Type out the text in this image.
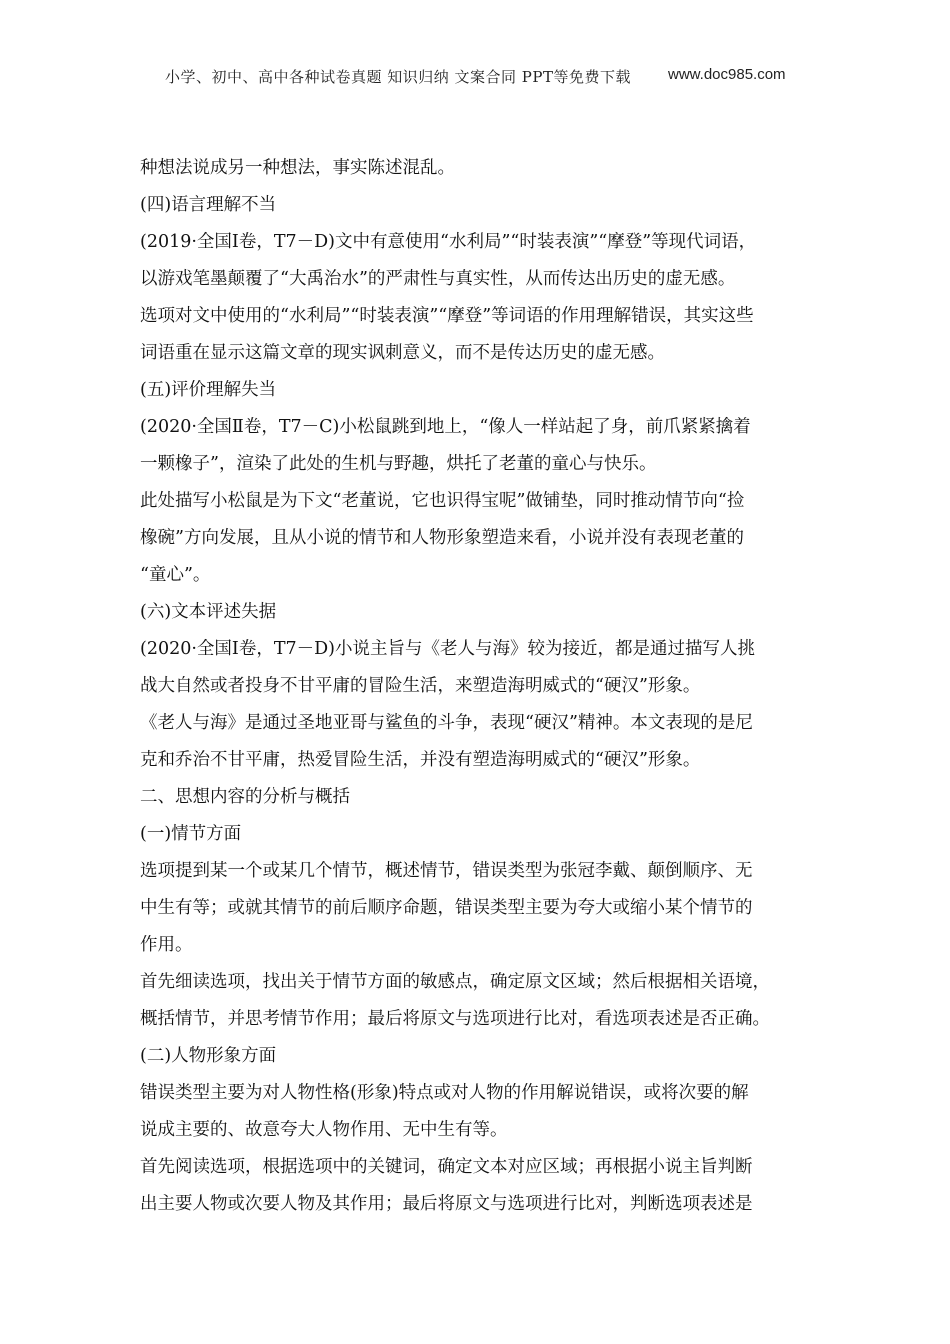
小学、初中、高中各种试卷真题 知识归纳 文案合同 PPT等免费下载 www.doc985.com
种想法说成另一种想法，事实陈述混乱。
(四)语言理解不当
(2019·全国Ⅰ卷，T7－D)文中有意使用“水利局”“时装表演”“摩登”等现代词语，
以游戏笔墨颠覆了“大禹治水”的严肃性与真实性，从而传达出历史的虚无感。
选项对文中使用的“水利局”“时装表演”“摩登”等词语的作用理解错误，其实这些
词语重在显示这篇文章的现实讽刺意义，而不是传达历史的虚无感。
(五)评价理解失当
(2020·全国Ⅱ卷，T7－C)小松鼠跳到地上，“像人一样站起了身，前爪紧紧擒着
一颗橡子”，渲染了此处的生机与野趣，烘托了老董的童心与快乐。
此处描写小松鼠是为下文“老董说，它也识得宝呢”做铺垫，同时推动情节向“捡
橡碗”方向发展，且从小说的情节和人物形象塑造来看，小说并没有表现老董的
“童心”。
(六)文本评述失据
(2020·全国Ⅰ卷，T7－D)小说主旨与《老人与海》较为接近，都是通过描写人挑
战大自然或者投身不甘平庸的冒险生活，来塑造海明威式的“硬汉”形象。
《老人与海》是通过圣地亚哥与鲨鱼的斗争，表现“硬汉”精神。本文表现的是尼
克和乔治不甘平庸，热爱冒险生活，并没有塑造海明威式的“硬汉”形象。
二、思想内容的分析与概括
(一)情节方面
选项提到某一个或某几个情节，概述情节，错误类型为张冠李戴、颠倒顺序、无
中生有等；或就其情节的前后顺序命题，错误类型主要为夸大或缩小某个情节的
作用。
首先细读选项，找出关于情节方面的敏感点，确定原文区域；然后根据相关语境，
概括情节，并思考情节作用；最后将原文与选项进行比对，看选项表述是否正确。
(二)人物形象方面
错误类型主要为对人物性格(形象)特点或对人物的作用解说错误，或将次要的解
说成主要的、故意夸大人物作用、无中生有等。
首先阅读选项，根据选项中的关键词，确定文本对应区域；再根据小说主旨判断
出主要人物或次要人物及其作用；最后将原文与选项进行比对，判断选项表述是
